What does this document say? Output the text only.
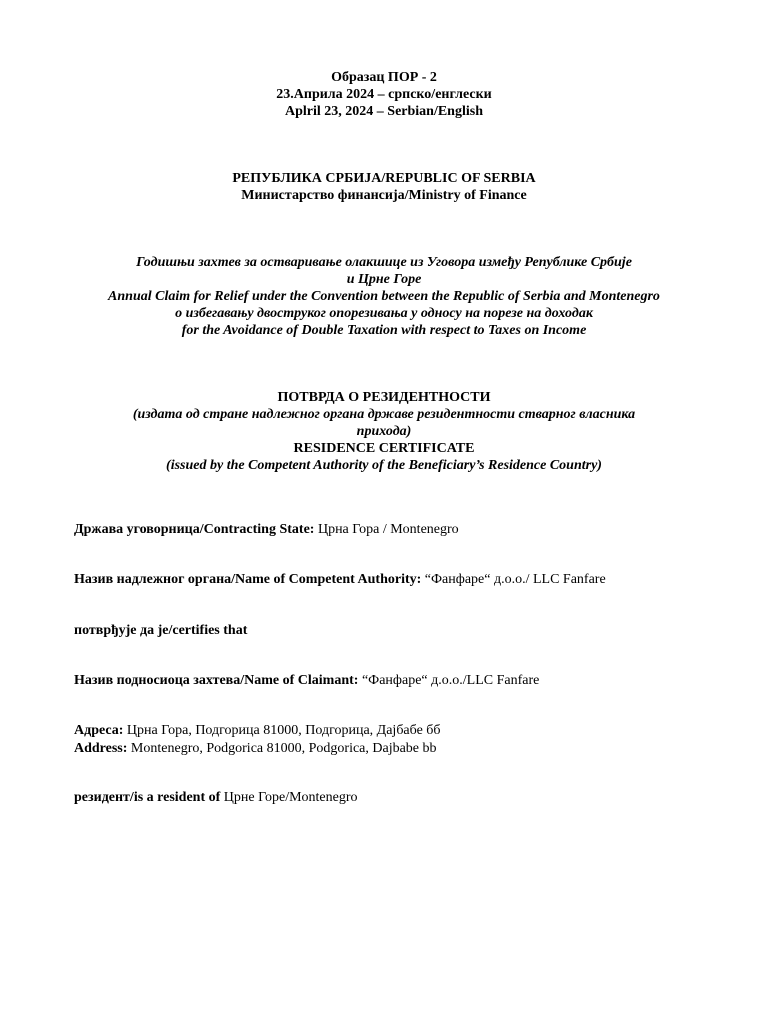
Образац ПОР - 2
23.Априла 2024 – српско/енглески
Aplril 23, 2024 – Serbian/English
РЕПУБЛИКА СРБИЈА/REPUBLIC OF SERBIA
Министарство финансија/Ministry of Finance
Годишњи захтев за остваривање олакшице из Уговора између Републике Србије
и Црне Горе
Annual Claim for Relief under the Convention between the Republic of Serbia and Montenegro
о избегавању двоструког опорезивања у односу на порезе на доходак
for the Avoidance of Double Taxation with respect to Taxes on Income
ПОТВРДА О РЕЗИДЕНТНОСТИ
(издата од стране надлежног органа државе резидентности стварног власника
прихода)
RESIDENCE CERTIFICATE
(issued by the Competent Authority of the Beneficiary’s Residence Country)
Држава уговорница/Contracting State: Црна Гора / Montenegro
Назив надлежног органа/Name of Competent Authority: “Фанфаре“ д.о.о./ LLC Fanfare
потврђује да је/certifies that
Назив подносиоца захтева/Name of Claimant: “Фанфаре“ д.о.о./LLC Fanfare
Адреса: Црна Гора, Подгорица 81000, Подгорица, Дајбабе бб
Address: Montenegro, Podgorica 81000, Podgorica, Dajbabe bb
резидент/is a resident of Црне Горе/Montenegro
